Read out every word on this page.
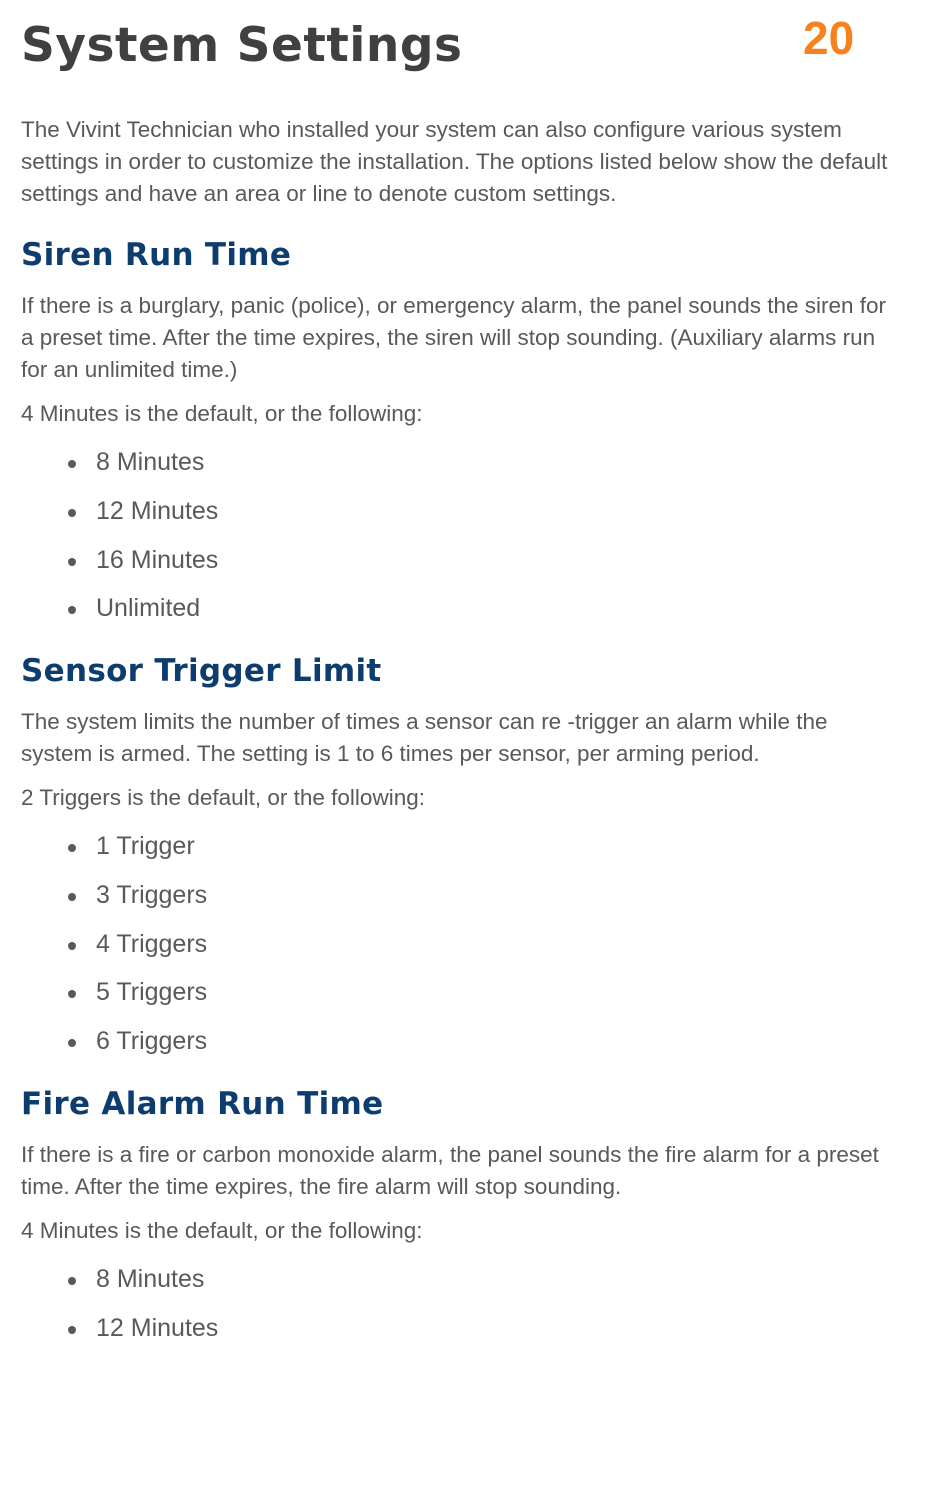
System Settings	20

The Vivint Technician who installed your system can also configure various system settings in order to customize the installation. The options listed below show the default settings and have an area or line to denote custom settings.

Siren Run Time

If there is a burglary, panic (police), or emergency alarm, the panel sounds the siren for a preset time. After the time expires, the siren will stop sounding. (Auxiliary alarms run for an unlimited time.)

4 Minutes is the default, or the following:

8 Minutes
12 Minutes
16 Minutes
Unlimited
Sensor Trigger Limit

The system limits the number of times a sensor can re -trigger an alarm while the system is armed. The setting is 1 to 6 times per sensor, per arming period.

2 Triggers is the default, or the following:

1 Trigger
3 Triggers
4 Triggers
5 Triggers
6 Triggers
Fire Alarm Run Time

If there is a fire or carbon monoxide alarm, the panel sounds the fire alarm for a preset time. After the time expires, the fire alarm will stop sounding.

4 Minutes is the default, or the following:

8 Minutes
12 Minutes
